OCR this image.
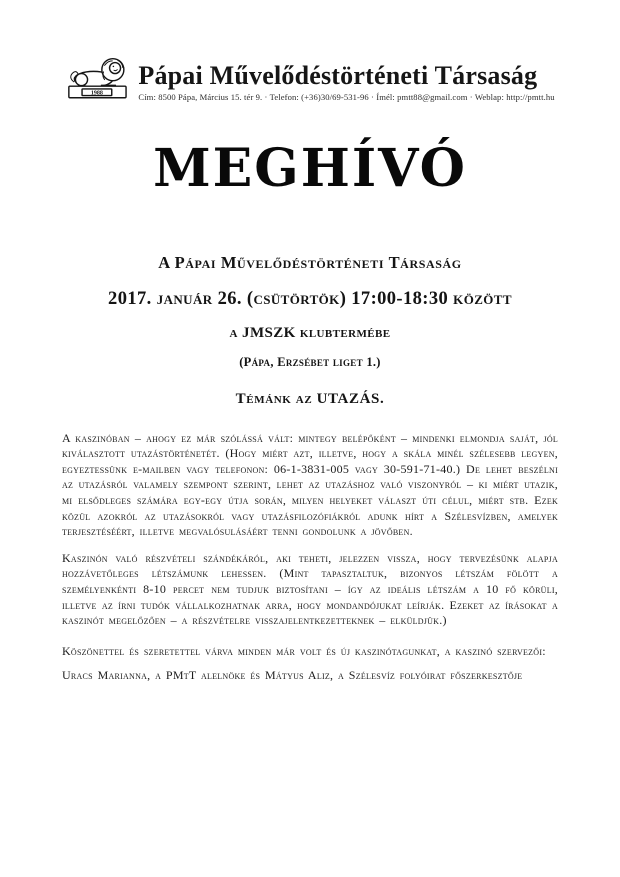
1988
Pápai Művelődéstörténeti Társaság
Cím: 8500 Pápa, Március 15. tér 9. · Telefon: (+36)30/69-531-96 · Ímél: pmtt88@gmail.com · Weblap: http://pmtt.hu
MEGHÍVÓ

A Pápai Művelődéstörténeti Társaság

2017. január 26. (csütörtök) 17:00-18:30 között

a JMSZK klubtermébe

(Pápa, Erzsébet liget 1.)

Témánk az UTAZÁS.

A kaszinóban – ahogy ez már szólássá vált: mintegy belépőként – mindenki elmondja saját, jól kiválasztott utazástörténetét. (Hogy miért azt, illetve, hogy a skála minél szélesebb legyen, egyeztessünk e-mailben vagy telefonon: 06-1-3831-005 vagy 30-591-71-40.) De lehet beszélni az utazásról valamely szempont szerint, lehet az utazáshoz való viszonyról – ki miért utazik, mi elsődleges számára egy-egy útja során, milyen helyeket választ úti célul, miért stb. Ezek közül azokról az utazásokról vagy utazásfilozófiákról adunk hírt a Szélesvízben, amelyek terjesztéséért, illetve megvalósulásáért tenni gondolunk a jövőben.

Kaszinón való részvételi szándékáról, aki teheti, jelezzen vissza, hogy tervezésünk alapja hozzávetőleges létszámunk lehessen. (Mint tapasztaltuk, bizonyos létszám fölött a személyenkénti 8-10 percet nem tudjuk biztosítani – így az ideális létszám a 10 fő körüli, illetve az írni tudók vállalkozhatnak arra, hogy mondandójukat leírják. Ezeket az írásokat a kaszinót megelőzően – a részvételre visszajelentkezetteknek – elküldjük.)

Köszönettel és szeretettel várva minden már volt és új kaszinótagunkat, a kaszinó szervezői:

Uracs Marianna, a PMtT alelnöke és Mátyus Aliz, a Szélesvíz folyóirat főszerkesztője
